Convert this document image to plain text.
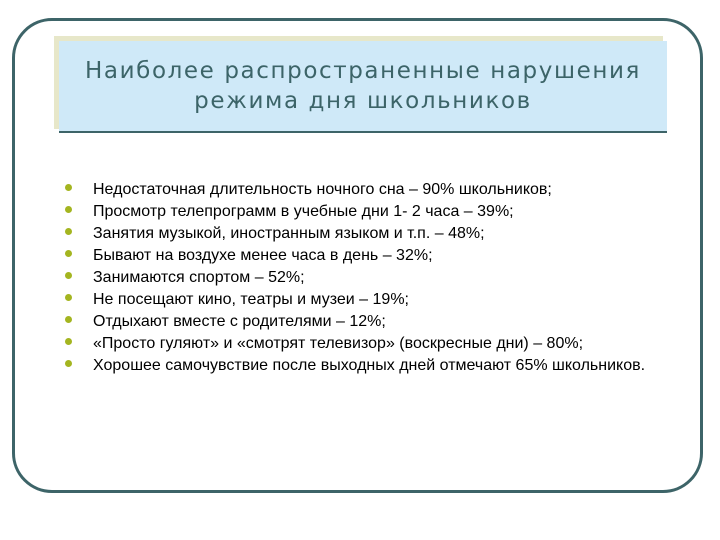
Наиболее распространенные нарушения
режима дня школьников
Недостаточная длительность ночного сна – 90% школьников;
Просмотр телепрограмм в учебные дни 1- 2 часа – 39%;
Занятия музыкой, иностранным языком и т.п. – 48%;
Бывают на воздухе менее часа в день – 32%;
Занимаются спортом – 52%;
Не посещают кино, театры и музеи – 19%;
Отдыхают вместе с родителями – 12%;
«Просто гуляют» и «смотрят телевизор» (воскресные дни) – 80%;
Хорошее самочувствие после выходных дней отмечают 65% школьников.
